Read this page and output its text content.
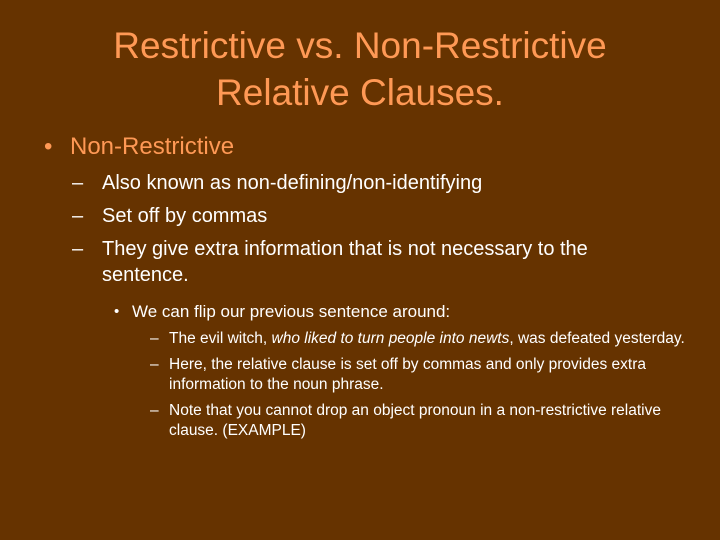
Restrictive vs. Non-Restrictive
Relative Clauses.
• Non-Restrictive
– Also known as non-defining/non-identifying
– Set off by commas
– They give extra information that is not necessary to the sentence.
• We can flip our previous sentence around:
– The evil witch, who liked to turn people into newts, was defeated yesterday.
– Here, the relative clause is set off by commas and only provides extra information to the noun phrase.
– Note that you cannot drop an object pronoun in a non-restrictive relative clause. (EXAMPLE)
